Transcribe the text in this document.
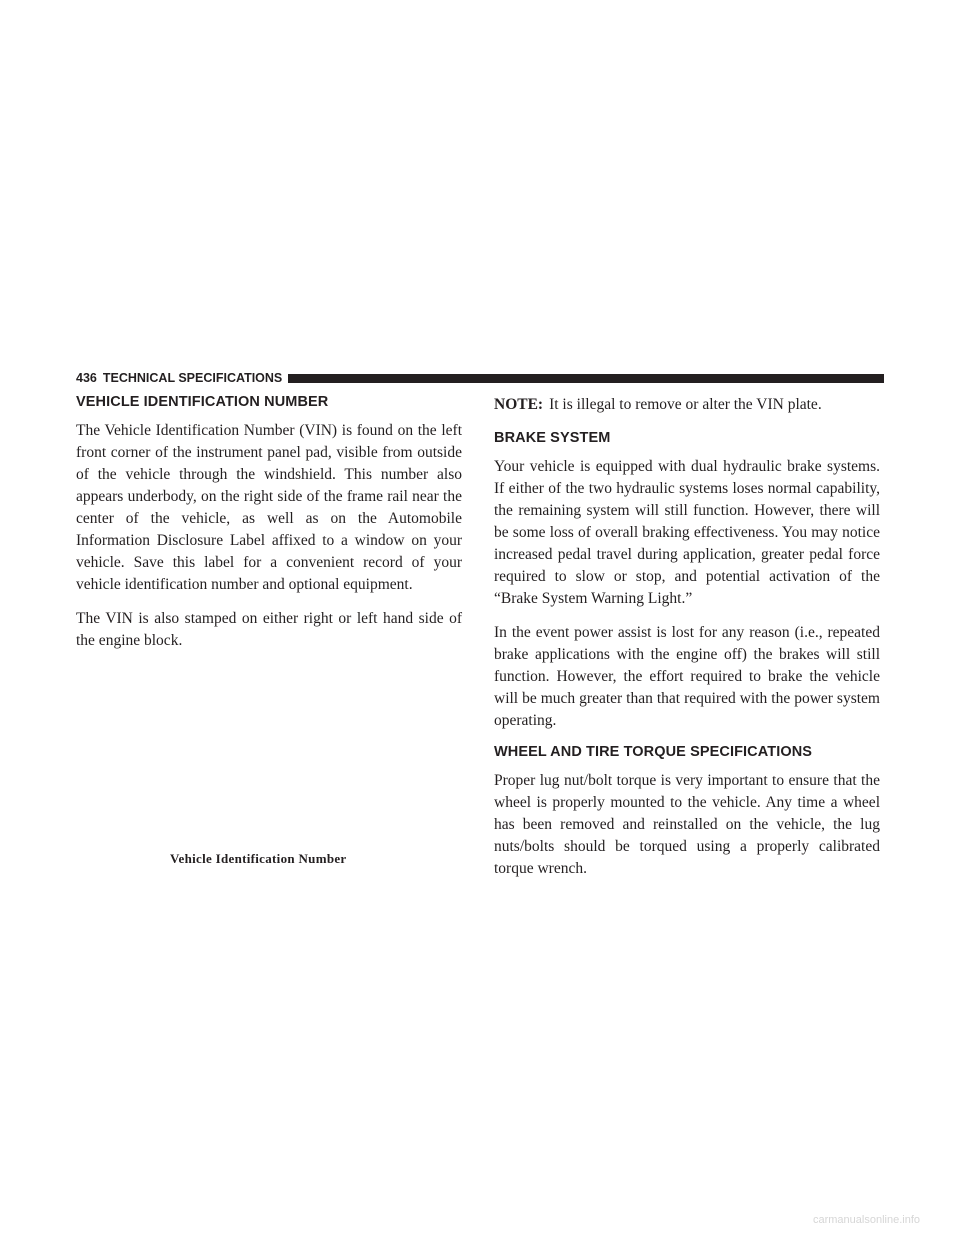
436 TECHNICAL SPECIFICATIONS
VEHICLE IDENTIFICATION NUMBER

The Vehicle Identification Number (VIN) is found on the left front corner of the instrument panel pad, visible from outside of the vehicle through the windshield. This number also appears underbody, on the right side of the frame rail near the center of the vehicle, as well as on the Automobile Information Disclosure Label affixed to a window on your vehicle. Save this label for a convenient record of your vehicle identification number and optional equipment.

The VIN is also stamped on either right or left hand side of the engine block.

Vehicle Identification Number

NOTE: It is illegal to remove or alter the VIN plate.

BRAKE SYSTEM

Your vehicle is equipped with dual hydraulic brake systems. If either of the two hydraulic systems loses normal capability, the remaining system will still function. However, there will be some loss of overall braking effectiveness. You may notice increased pedal travel during application, greater pedal force required to slow or stop, and potential activation of the “Brake System Warning Light.”

In the event power assist is lost for any reason (i.e., repeated brake applications with the engine off) the brakes will still function. However, the effort required to brake the vehicle will be much greater than that required with the power system operating.

WHEEL AND TIRE TORQUE SPECIFICATIONS

Proper lug nut/bolt torque is very important to ensure that the wheel is properly mounted to the vehicle. Any time a wheel has been removed and reinstalled on the vehicle, the lug nuts/bolts should be torqued using a properly calibrated torque wrench.

carmanualsonline.info
